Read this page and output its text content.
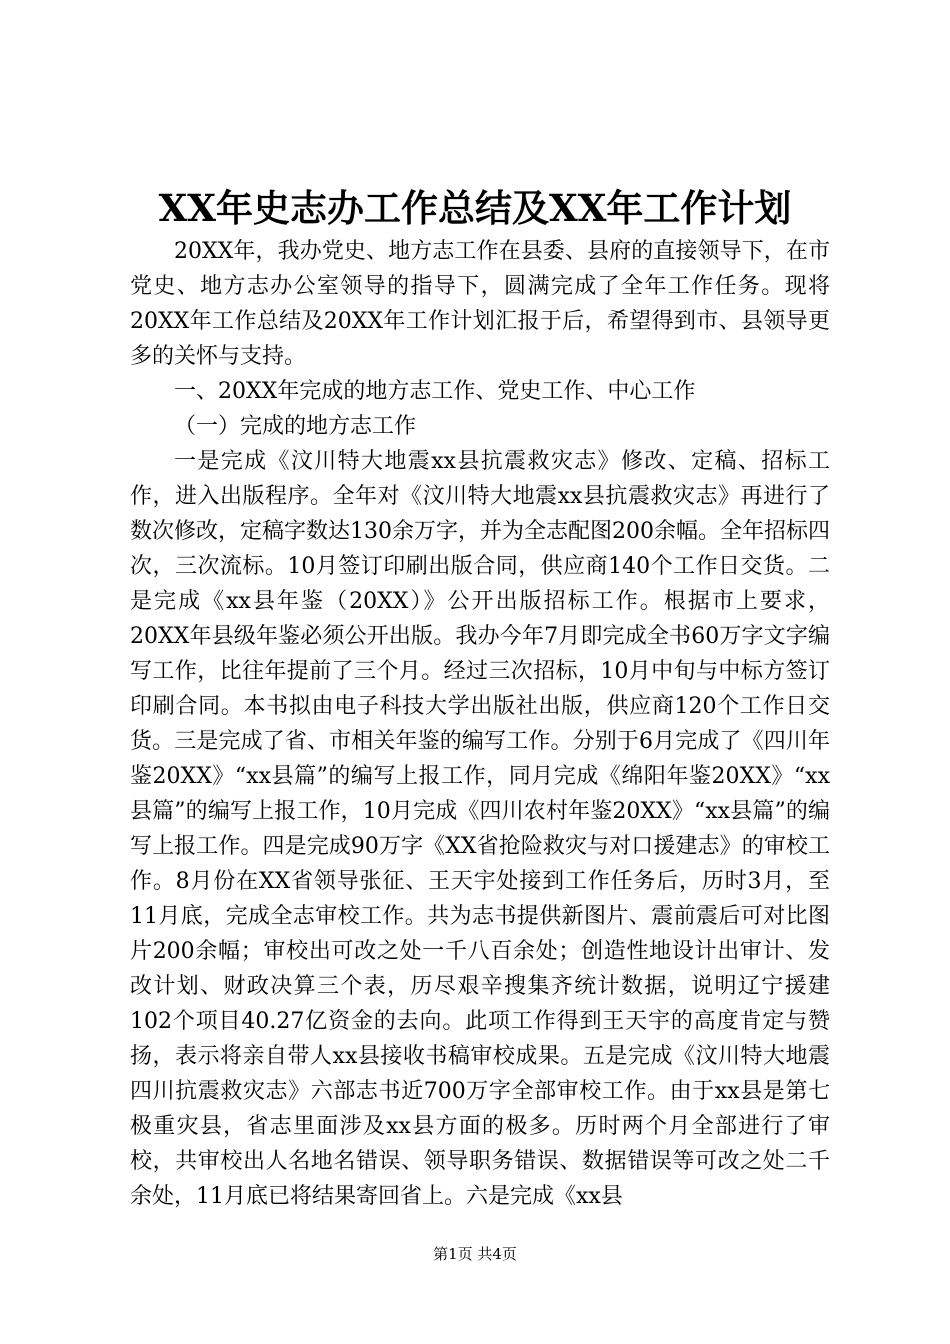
XX年史志办工作总结及XX年工作计划

20XX年，我办党史、地方志工作在县委、县府的直接领导下，在市党史、地方志办公室领导的指导下，圆满完成了全年工作任务。现将20XX年工作总结及20XX年工作计划汇报于后，希望得到市、县领导更多的关怀与支持。

一、20XX年完成的地方志工作、党史工作、中心工作

（一）完成的地方志工作

一是完成《汶川特大地震xx县抗震救灾志》修改、定稿、招标工作，进入出版程序。全年对《汶川特大地震xx县抗震救灾志》再进行了数次修改，定稿字数达130余万字，并为全志配图200余幅。全年招标四次，三次流标。10月签订印刷出版合同，供应商140个工作日交货。二是完成《xx县年鉴（20XX）》公开出版招标工作。根据市上要求，20XX年县级年鉴必须公开出版。我办今年7月即完成全书60万字文字编写工作，比往年提前了三个月。经过三次招标，10月中旬与中标方签订印刷合同。本书拟由电子科技大学出版社出版，供应商120个工作日交货。三是完成了省、市相关年鉴的编写工作。分别于6月完成了《四川年鉴20XX》“xx县篇”的编写上报工作，同月完成《绵阳年鉴20XX》“xx县篇”的编写上报工作，10月完成《四川农村年鉴20XX》“xx县篇”的编写上报工作。四是完成90万字《XX省抢险救灾与对口援建志》的审校工作。8月份在XX省领导张征、王天宇处接到工作任务后，历时3月，至11月底，完成全志审校工作。共为志书提供新图片、震前震后可对比图片200余幅；审校出可改之处一千八百余处；创造性地设计出审计、发改计划、财政决算三个表，历尽艰辛搜集齐统计数据，说明辽宁援建102个项目40.27亿资金的去向。此项工作得到王天宇的高度肯定与赞扬，表示将亲自带人xx县接收书稿审校成果。五是完成《汶川特大地震四川抗震救灾志》六部志书近700万字全部审校工作。由于xx县是第七极重灾县，省志里面涉及xx县方面的极多。历时两个月全部进行了审校，共审校出人名地名错误、领导职务错误、数据错误等可改之处二千余处，11月底已将结果寄回省上。六是完成《xx县

第1页 共4页
